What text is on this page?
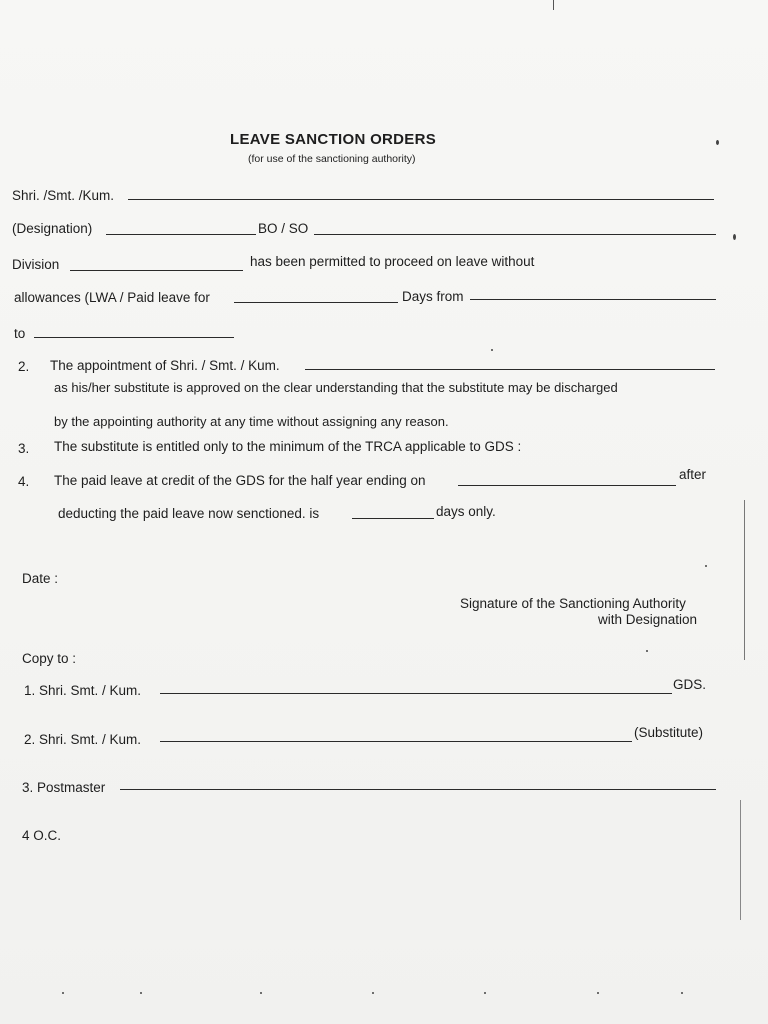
LEAVE SANCTION ORDERS
(for use of the sanctioning authority)
Shri. /Smt. /Kum.
(Designation)	BO / SO
Division	has been permitted to proceed on leave without
allowances (LWA / Paid leave for	Days from
to
2. The appointment of Shri. / Smt. / Kum.
as his/her substitute is approved on the clear understanding that the substitute may be discharged
by the appointing authority at any time without assigning any reason.
3. The substitute is entitled only to the minimum of the TRCA applicable to GDS :
4. The paid leave at credit of the GDS for the half year ending on	after
deducting the paid leave now senctioned. is	days only.
Date :
Signature of the Sanctioning Authority
with Designation
Copy to :
1. Shri. Smt. / Kum.	GDS.
2. Shri. Smt. / Kum.	(Substitute)
3. Postmaster
4 O.C.
